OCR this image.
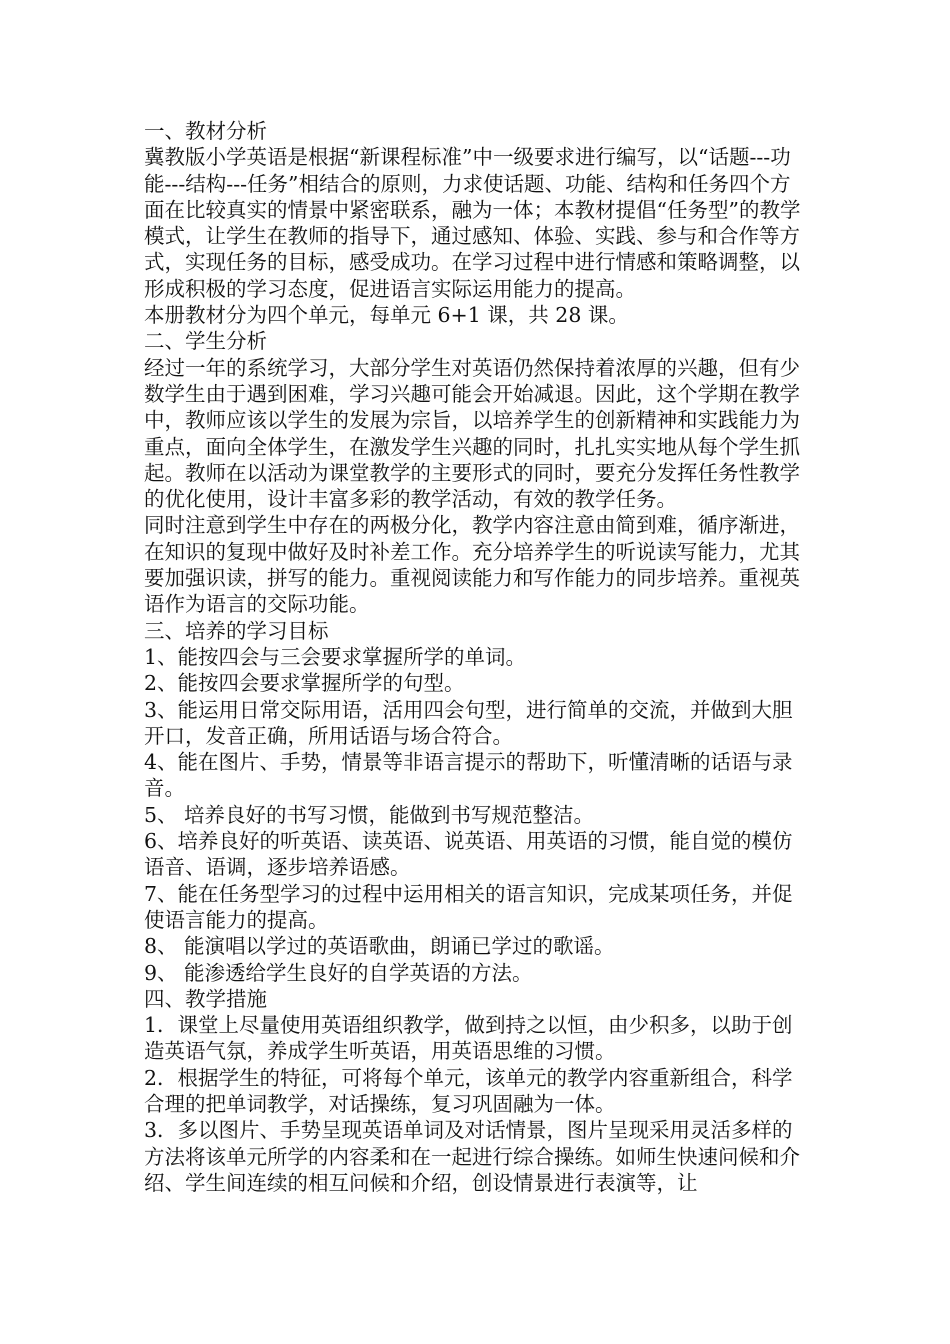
一、教材分析

冀教版小学英语是根据“新课程标准”中一级要求进行编写，以“话题---功能---结构---任务”相结合的原则，力求使话题、功能、结构和任务四个方面在比较真实的情景中紧密联系，融为一体；本教材提倡“任务型”的教学模式，让学生在教师的指导下，通过感知、体验、实践、参与和合作等方式，实现任务的目标，感受成功。在学习过程中进行情感和策略调整，以形成积极的学习态度，促进语言实际运用能力的提高。

本册教材分为四个单元，每单元 6+1 课，共 28 课。

二、学生分析

经过一年的系统学习，大部分学生对英语仍然保持着浓厚的兴趣，但有少数学生由于遇到困难，学习兴趣可能会开始减退。因此，这个学期在教学中，教师应该以学生的发展为宗旨，以培养学生的创新精神和实践能力为重点，面向全体学生，在激发学生兴趣的同时，扎扎实实地从每个学生抓起。教师在以活动为课堂教学的主要形式的同时，要充分发挥任务性教学的优化使用，设计丰富多彩的教学活动，有效的教学任务。

同时注意到学生中存在的两极分化，教学内容注意由简到难，循序渐进，在知识的复现中做好及时补差工作。充分培养学生的听说读写能力，尤其要加强识读，拼写的能力。重视阅读能力和写作能力的同步培养。重视英语作为语言的交际功能。

三、培养的学习目标

1、能按四会与三会要求掌握所学的单词。

2、能按四会要求掌握所学的句型。

3、能运用日常交际用语，活用四会句型，进行简单的交流，并做到大胆开口，发音正确，所用话语与场合符合。

4、能在图片、手势，情景等非语言提示的帮助下，听懂清晰的话语与录音。

5、 培养良好的书写习惯，能做到书写规范整洁。

6、培养良好的听英语、读英语、说英语、用英语的习惯，能自觉的模仿语音、语调，逐步培养语感。

7、能在任务型学习的过程中运用相关的语言知识，完成某项任务，并促使语言能力的提高。

8、 能演唱以学过的英语歌曲，朗诵已学过的歌谣。

9、 能渗透给学生良好的自学英语的方法。

四、教学措施

1．课堂上尽量使用英语组织教学，做到持之以恒，由少积多，以助于创造英语气氛，养成学生听英语，用英语思维的习惯。

2．根据学生的特征，可将每个单元，该单元的教学内容重新组合，科学合理的把单词教学，对话操练，复习巩固融为一体。

3．多以图片、手势呈现英语单词及对话情景，图片呈现采用灵活多样的方法将该单元所学的内容柔和在一起进行综合操练。如师生快速问候和介绍、学生间连续的相互问候和介绍，创设情景进行表演等，让
